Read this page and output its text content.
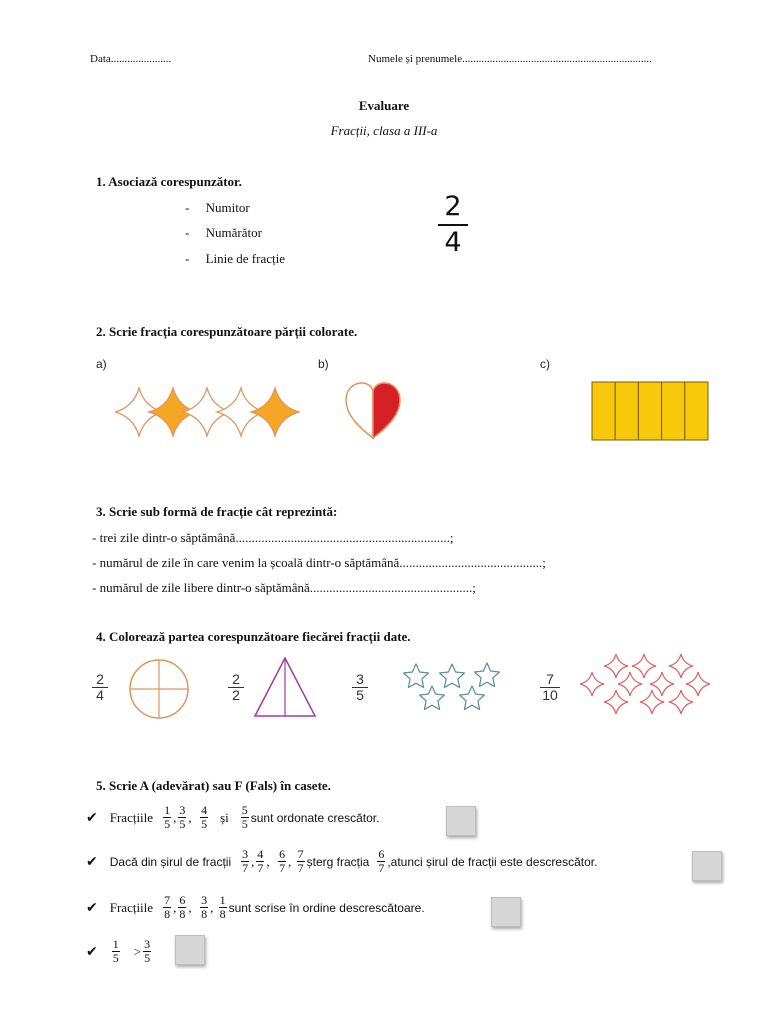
Data......................	Numele și prenumele.....................................................................
Evaluare
Fracții, clasa a III-a
1. Asociază corespunzător.
-     Numitor
-     Numărător
-     Linie de fracție
$\frac{2}{4}$
2. Scrie fracția corespunzătoare părții colorate.
a)	b)	c)
3. Scrie sub formă de fracție cât reprezintă:
- trei zile dintr-o săptămână..................................................................;
- numărul de zile în care venim la școală dintr-o săptămână............................................;
- numărul de zile libere dintr-o săptămână..................................................;
4. Colorează partea corespunzătoare fiecărei fracții date.
$\frac{2}{4}$	$\frac{2}{2}$	$\frac{3}{5}$	$\frac{7}{10}$
5. Scrie A (adevărat) sau F (Fals) în casete.
✔ Fracțiile $\frac{1}{5}$ , $\frac{3}{5}$ , $\frac{4}{5}$ și $\frac{5}{5}$ sunt ordonate crescător.
✔ Dacă din șirul de fracții $\frac{3}{7}$ , $\frac{4}{7}$ , $\frac{6}{7}$ , $\frac{7}{7}$ șterg fracția $\frac{6}{7}$ ,atunci șirul de fracții este descrescător.
✔ Fracțiile $\frac{7}{8}$ , $\frac{6}{8}$ , $\frac{3}{8}$ , $\frac{1}{8}$ sunt scrise în ordine descrescătoare.
✔ $\frac{1}{5} > \frac{3}{5}$
